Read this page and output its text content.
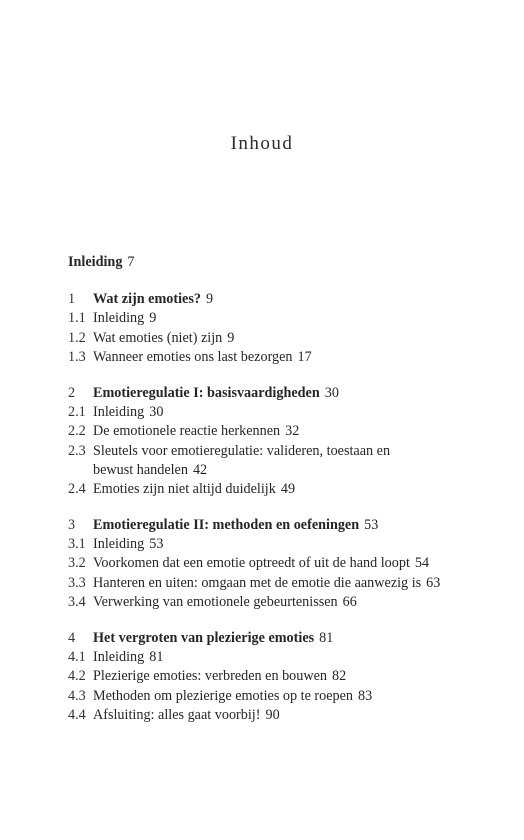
Inhoud
Inleiding 7
1 Wat zijn emoties? 9
1.1 Inleiding 9
1.2 Wat emoties (niet) zijn 9
1.3 Wanneer emoties ons last bezorgen 17
2 Emotieregulatie I: basisvaardigheden 30
2.1 Inleiding 30
2.2 De emotionele reactie herkennen 32
2.3 Sleutels voor emotieregulatie: valideren, toestaan en
bewust handelen 42
2.4 Emoties zijn niet altijd duidelijk 49
3 Emotieregulatie II: methoden en oefeningen 53
3.1 Inleiding 53
3.2 Voorkomen dat een emotie optreedt of uit de hand loopt 54
3.3 Hanteren en uiten: omgaan met de emotie die aanwezig is 63
3.4 Verwerking van emotionele gebeurtenissen 66
4 Het vergroten van plezierige emoties 81
4.1 Inleiding 81
4.2 Plezierige emoties: verbreden en bouwen 82
4.3 Methoden om plezierige emoties op te roepen 83
4.4 Afsluiting: alles gaat voorbij! 90
